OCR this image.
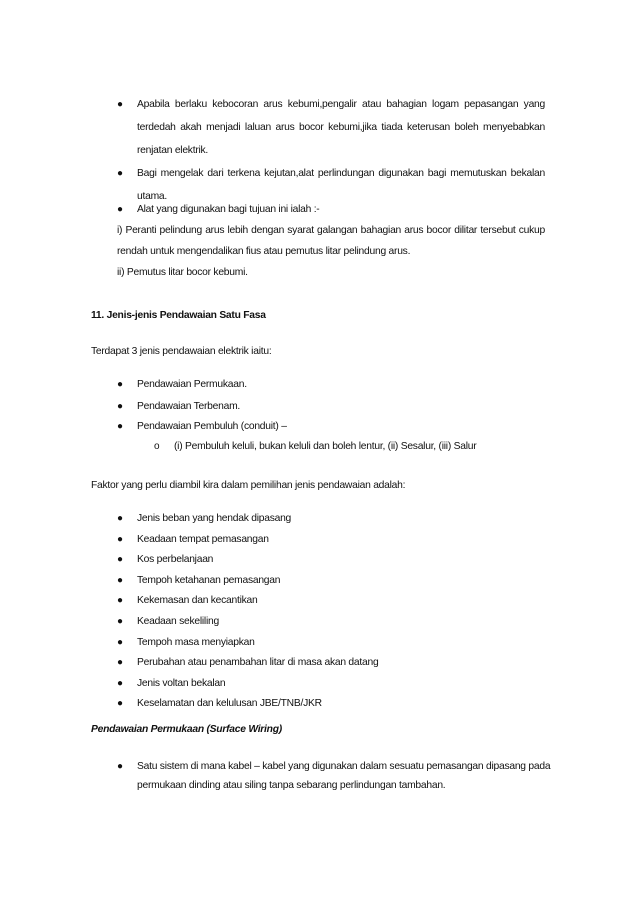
● Apabila berlaku kebocoran arus kebumi,pengalir atau bahagian logam pepasangan yang
terdedah akah menjadi laluan arus bocor kebumi,jika tiada keterusan boleh menyebabkan
renjatan elektrik.
● Bagi mengelak dari terkena kejutan,alat perlindungan digunakan bagi memutuskan bekalan
utama.
● Alat yang digunakan bagi tujuan ini ialah :-
i) Peranti pelindung arus lebih dengan syarat galangan bahagian arus bocor dilitar tersebut cukup
rendah untuk mengendalikan fius atau pemutus litar pelindung arus.
ii) Pemutus litar bocor kebumi.
11. Jenis-jenis Pendawaian Satu Fasa
Terdapat 3 jenis pendawaian elektrik iaitu:
● Pendawaian Permukaan.
● Pendawaian Terbenam.
● Pendawaian Pembuluh (conduit) –
o (i) Pembuluh keluli, bukan keluli dan boleh lentur, (ii) Sesalur, (iii) Salur
Faktor yang perlu diambil kira dalam pemilihan jenis pendawaian adalah:
● Jenis beban yang hendak dipasang
● Keadaan tempat pemasangan
● Kos perbelanjaan
● Tempoh ketahanan pemasangan
● Kekemasan dan kecantikan
● Keadaan sekeliling
● Tempoh masa menyiapkan
● Perubahan atau penambahan litar di masa akan datang
● Jenis voltan bekalan
● Keselamatan dan kelulusan JBE/TNB/JKR
Pendawaian Permukaan (Surface Wiring)
● Satu sistem di mana kabel – kabel yang digunakan dalam sesuatu pemasangan dipasang pada
permukaan dinding atau siling tanpa sebarang perlindungan tambahan.
